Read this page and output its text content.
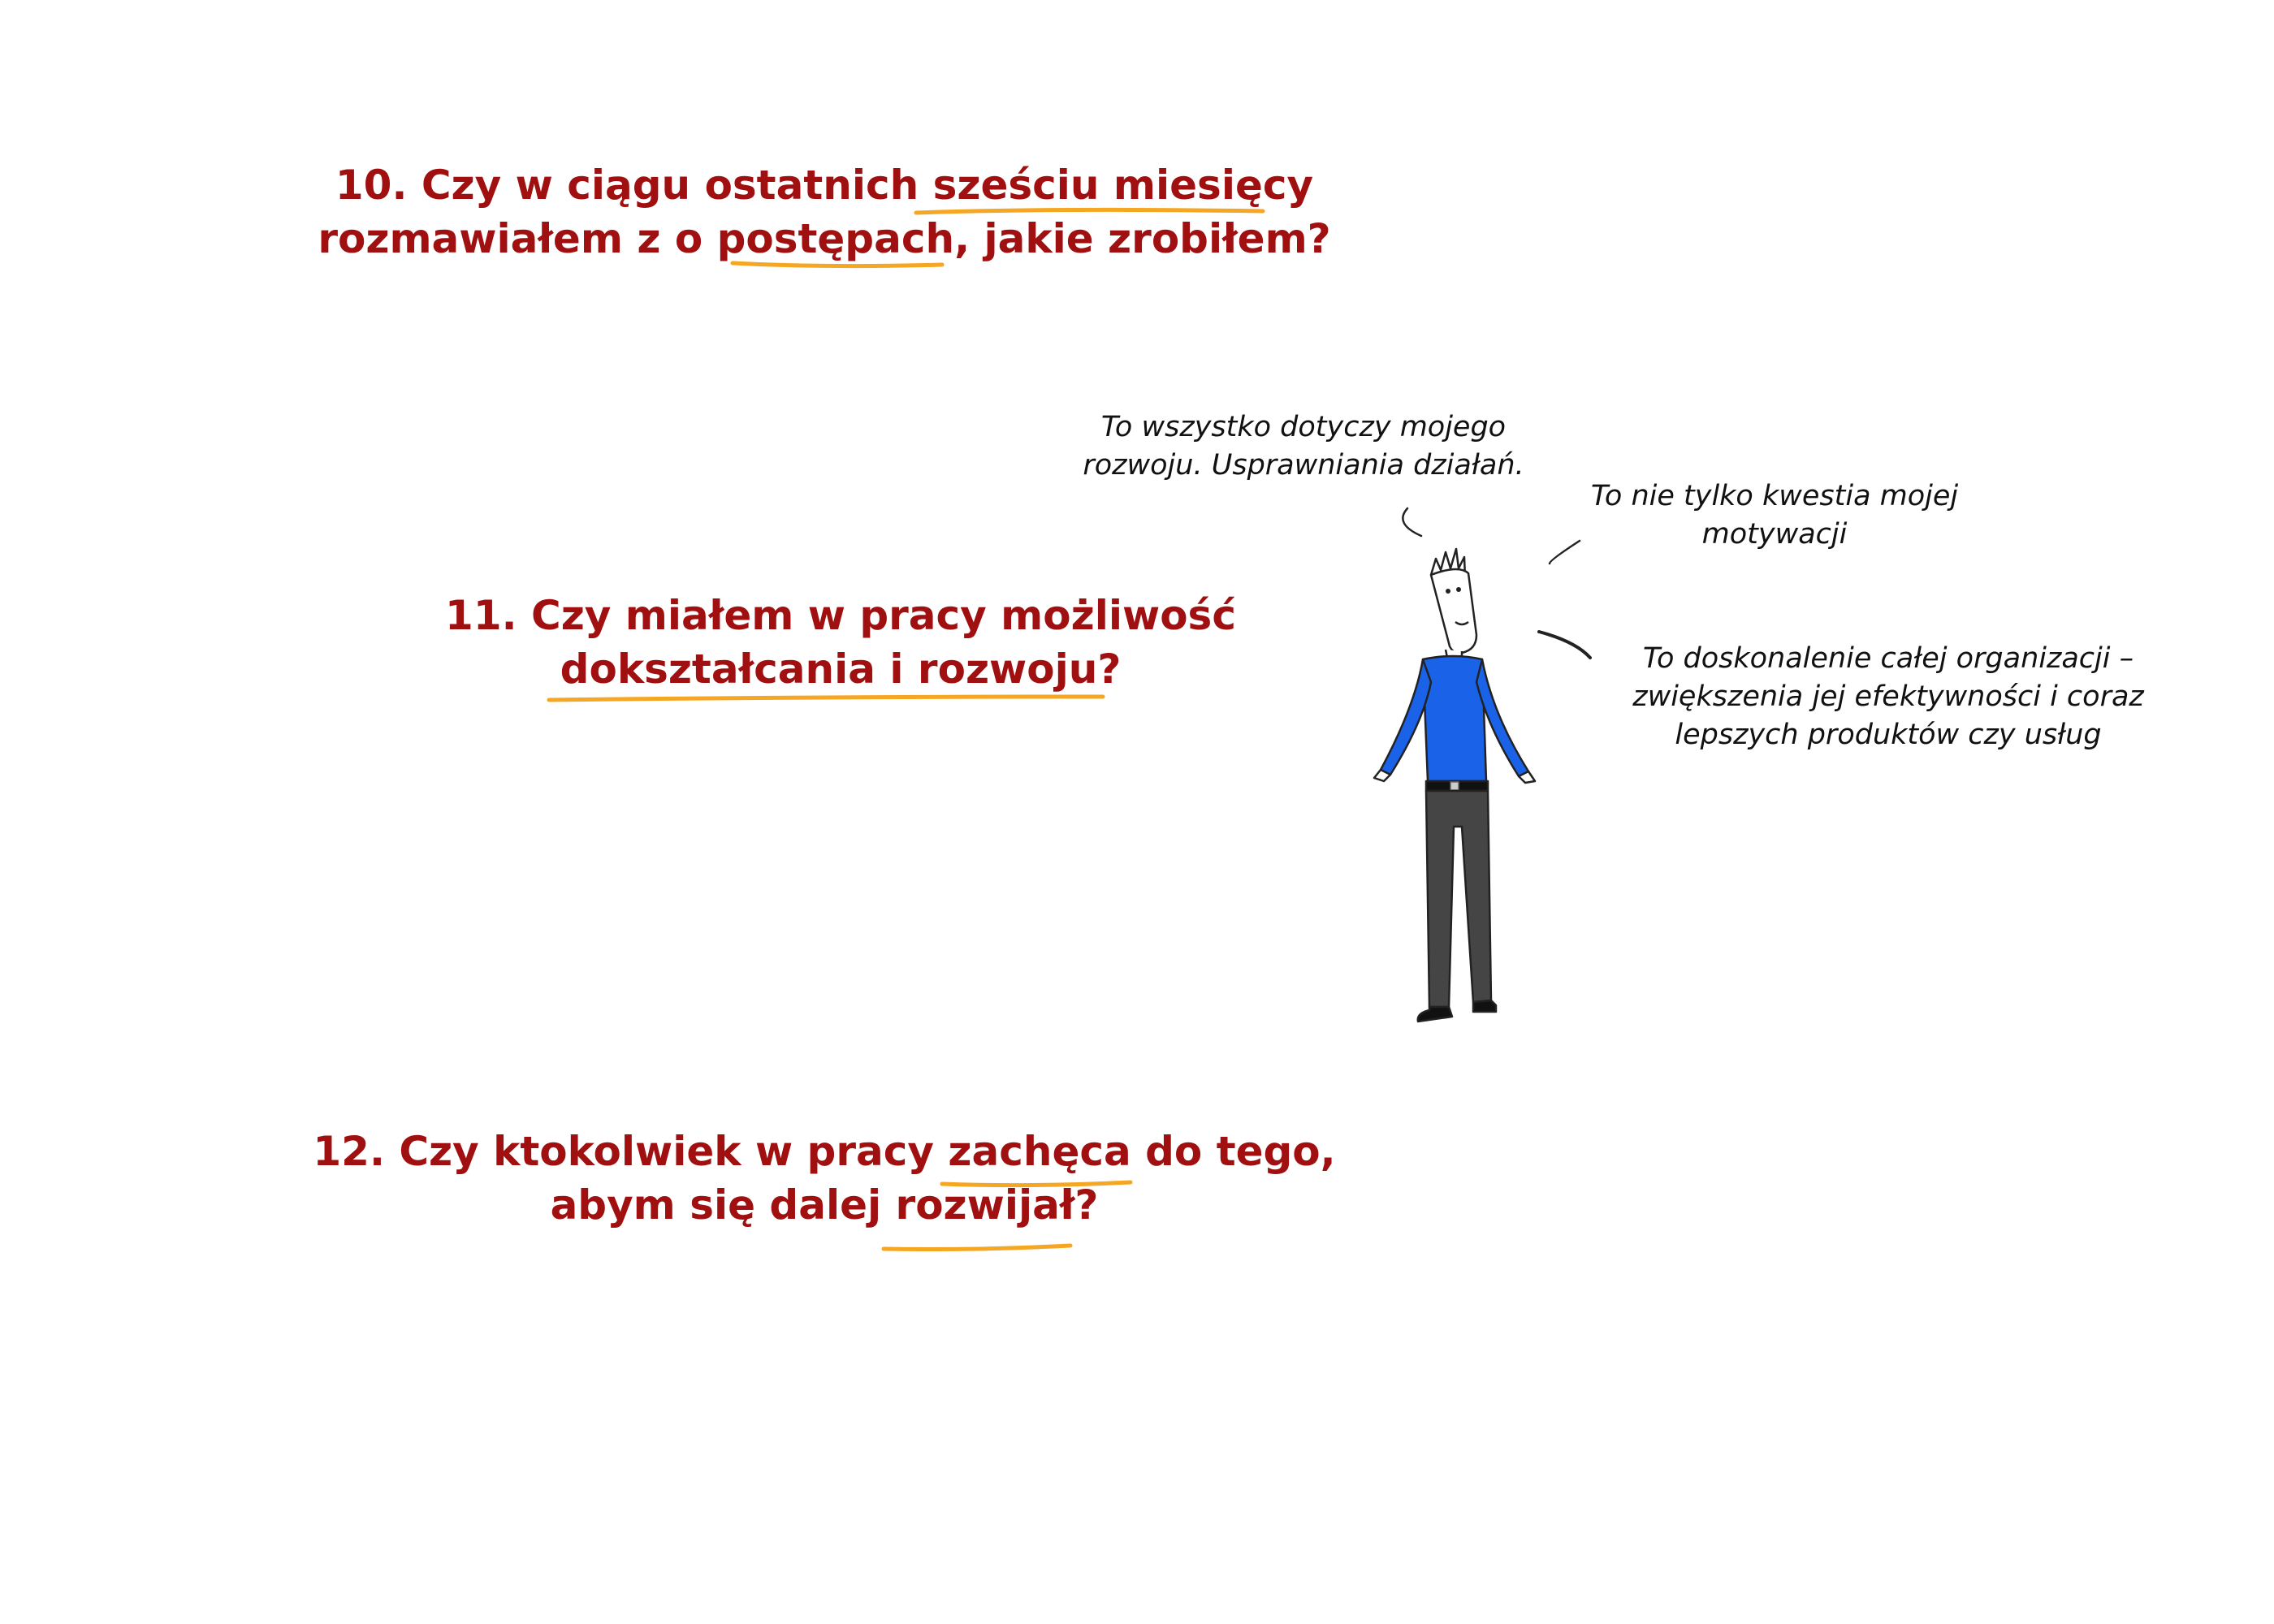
10. Czy w ciągu ostatnich sześciu miesięcy
rozmawiałem z o postępach, jakie zrobiłem?
11. Czy miałem w pracy możliwość
dokształcania i rozwoju?
12. Czy ktokolwiek w pracy zachęca do tego,
abym się dalej rozwijał?
To wszystko dotyczy mojego
rozwoju. Usprawniania działań.
To nie tylko kwestia mojej
motywacji
To doskonalenie całej organizacji –
zwiększenia jej efektywności i coraz
lepszych produktów czy usług
